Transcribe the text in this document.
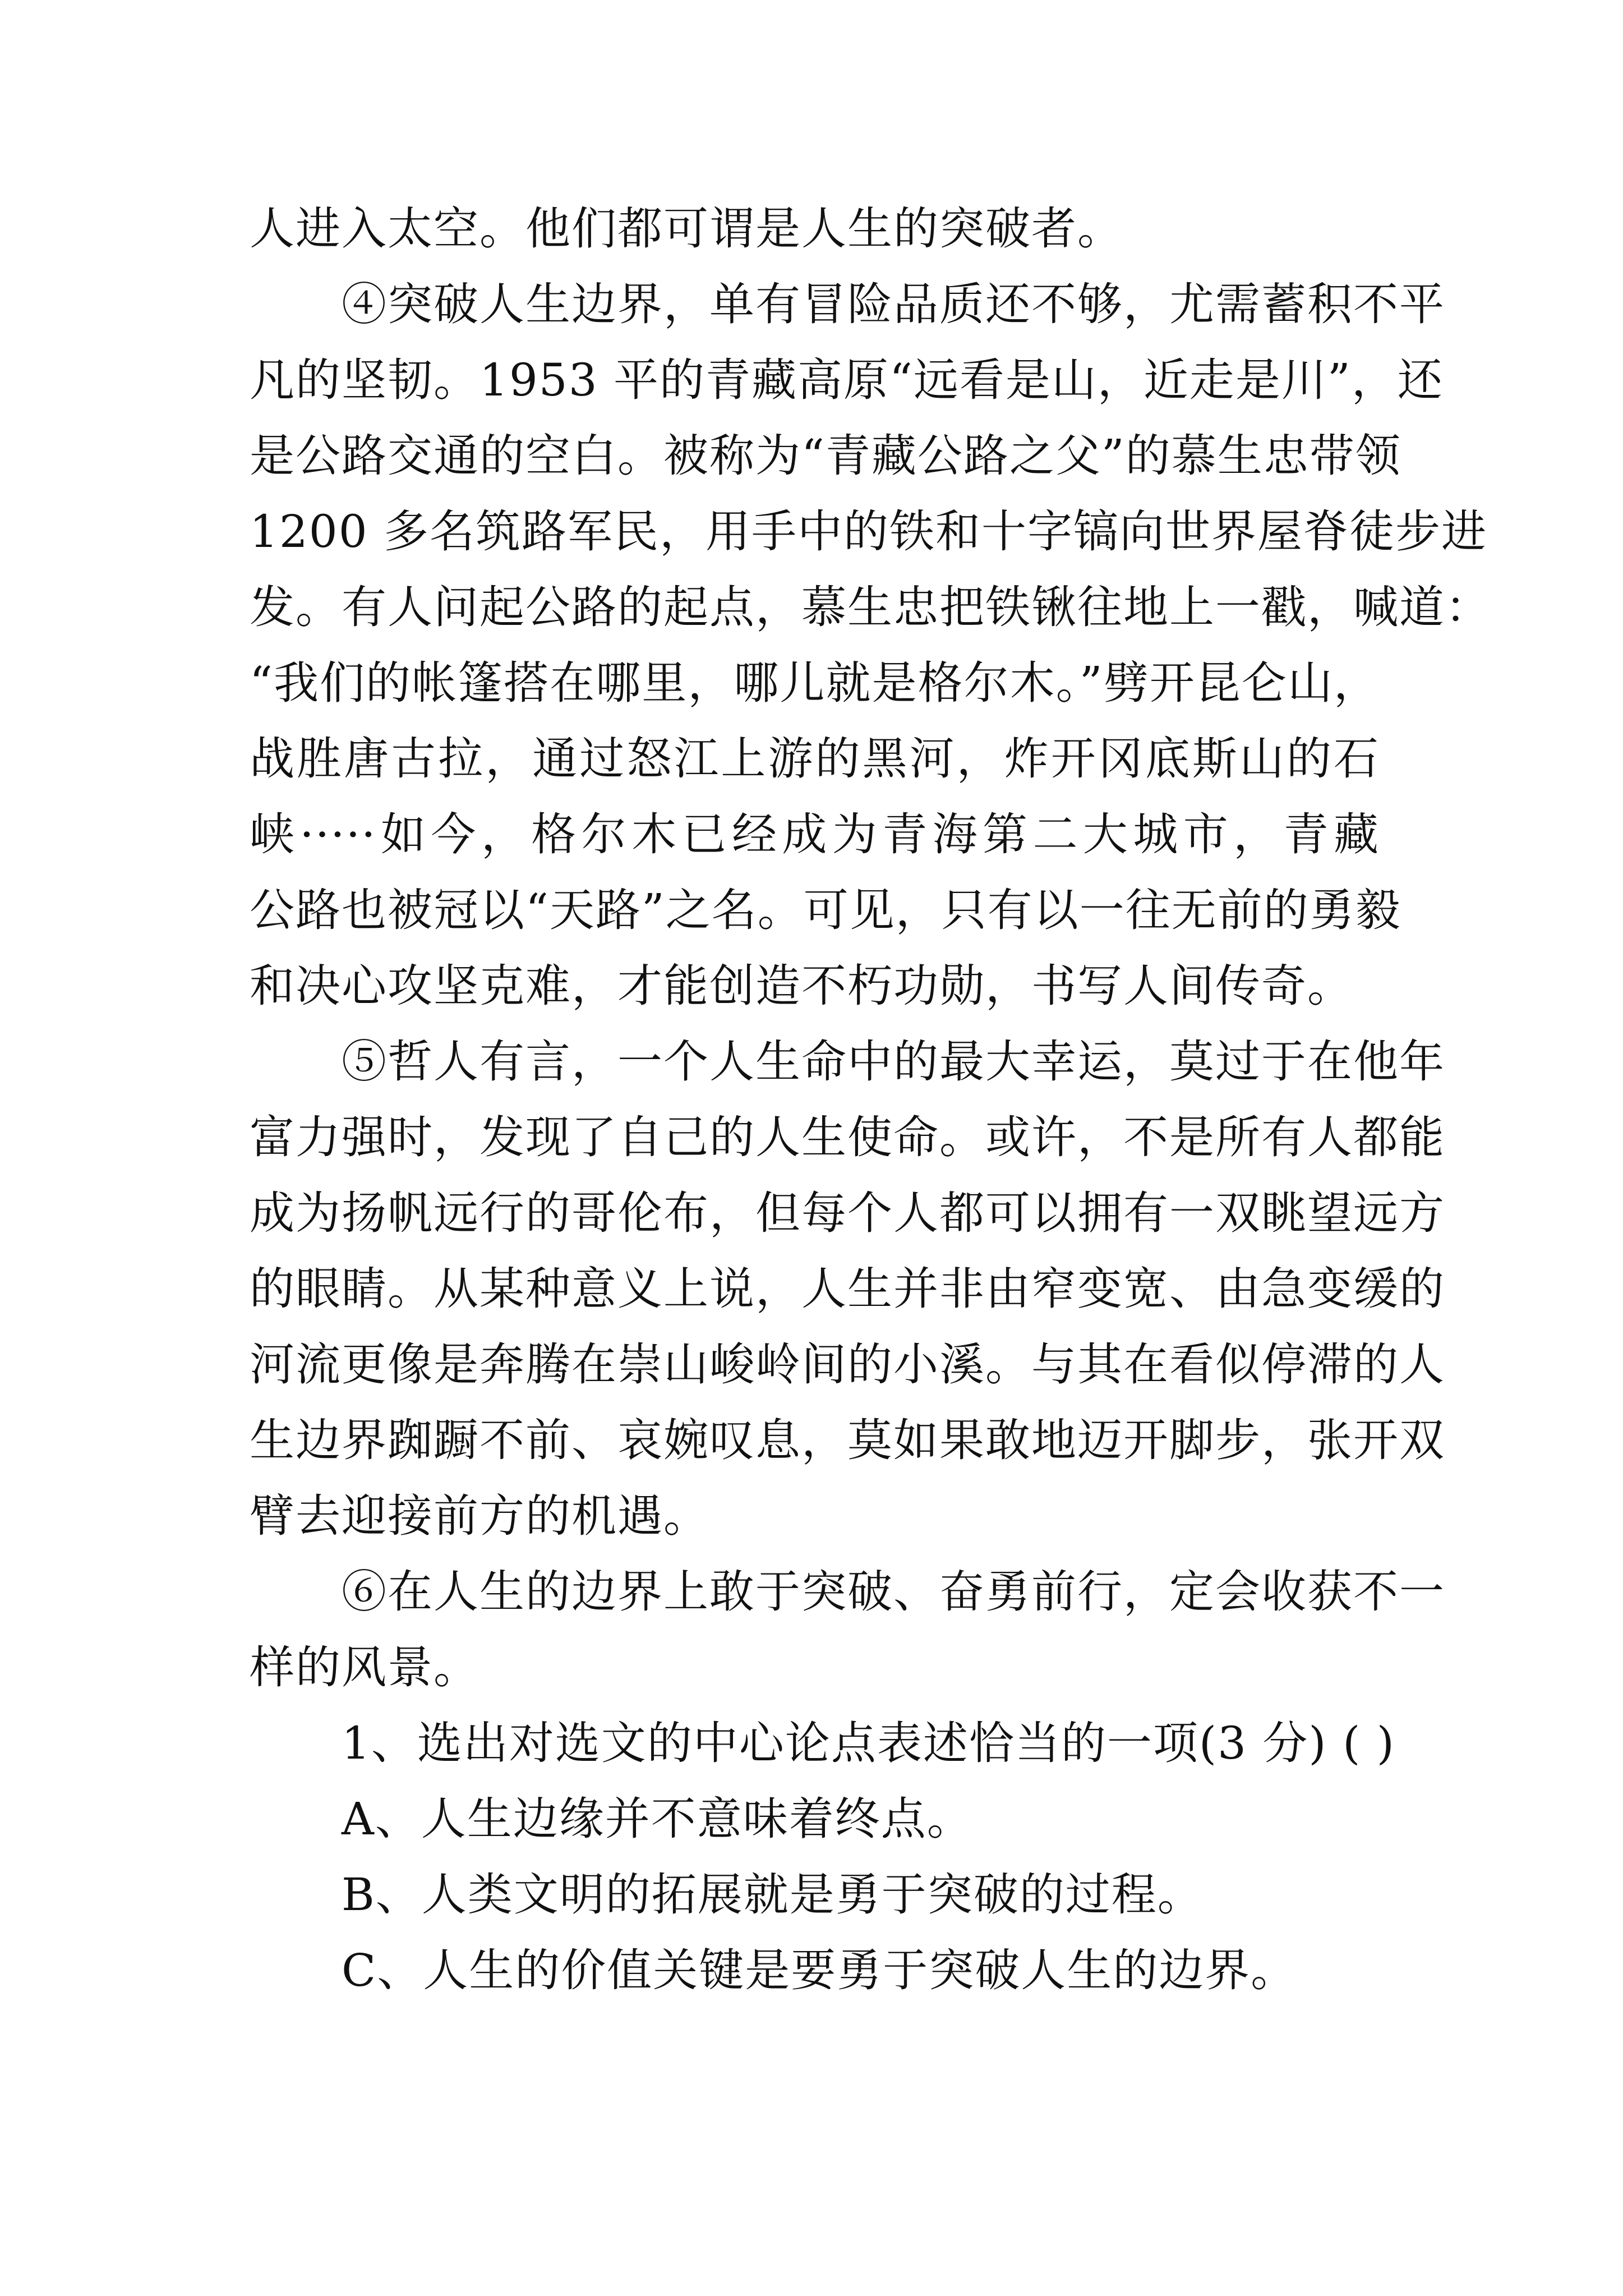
人进入太空。他们都可谓是人生的突破者。
④突破人生边界，单有冒险品质还不够，尤需蓄积不平
凡的坚韧。1953 平的青藏高原“远看是山，近走是川”，还
是公路交通的空白。被称为“青藏公路之父”的慕生忠带领
1200 多名筑路军民，用手中的铁和十字镐向世界屋脊徒步进
发。有人问起公路的起点，慕生忠把铁锹往地上一戳，喊道：
“我们的帐篷搭在哪里，哪儿就是格尔木。”劈开昆仑山，
战胜唐古拉，通过怒江上游的黑河，炸开冈底斯山的石
峡·····如今，格尔木已经成为青海第二大城市，青藏
公路也被冠以“天路”之名。可见，只有以一往无前的勇毅
和决心攻坚克难，才能创造不朽功勋，书写人间传奇。
⑤哲人有言，一个人生命中的最大幸运，莫过于在他年
富力强时，发现了自己的人生使命。或许，不是所有人都能
成为扬帆远行的哥伦布，但每个人都可以拥有一双眺望远方
的眼睛。从某种意义上说，人生并非由窄变宽、由急变缓的
河流更像是奔腾在崇山峻岭间的小溪。与其在看似停滞的人
生边界踟蹰不前、哀婉叹息，莫如果敢地迈开脚步，张开双
臂去迎接前方的机遇。
⑥在人生的边界上敢于突破、奋勇前行，定会收获不一
样的风景。
1、选出对选文的中心论点表述恰当的一项(3 分) ( )
A、人生边缘并不意味着终点。
B、人类文明的拓展就是勇于突破的过程。
C、人生的价值关键是要勇于突破人生的边界。
